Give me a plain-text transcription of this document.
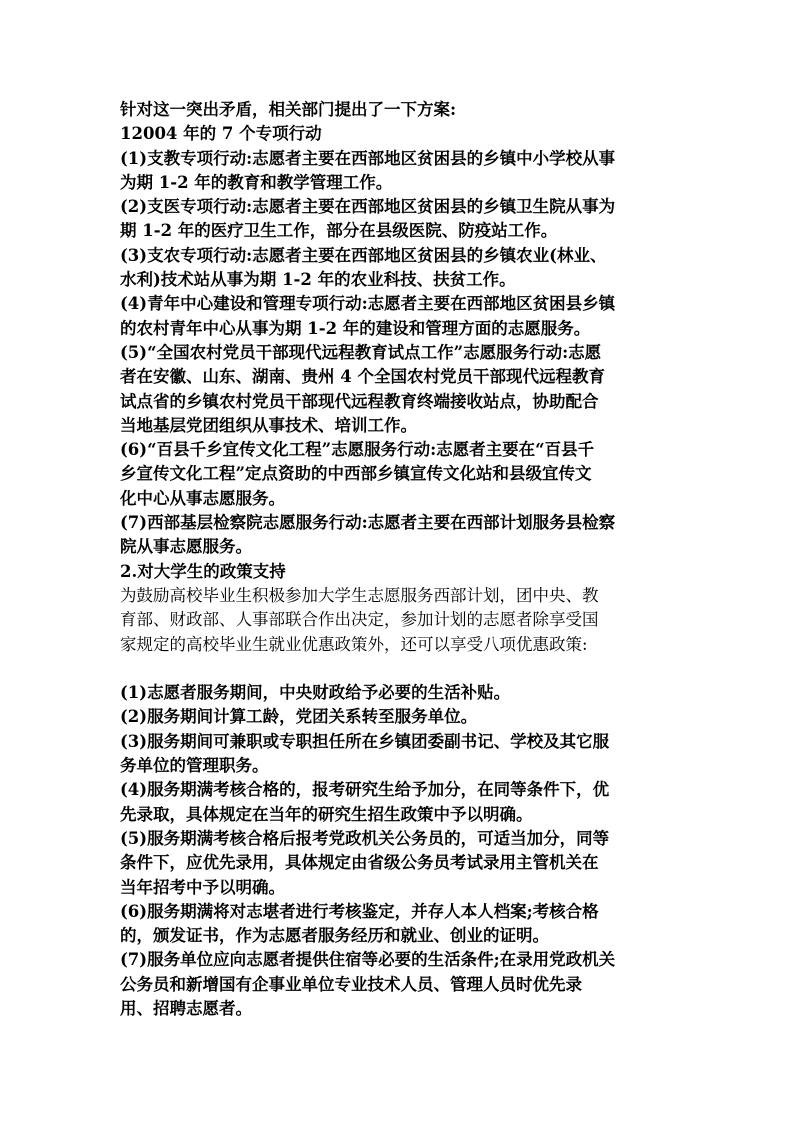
针对这一突出矛盾，相关部门提出了一下方案:
12004 年的 7 个专项行动
(1)支教专项行动:志愿者主要在西部地区贫困县的乡镇中小学校从事
为期 1-2 年的教育和教学管理工作。
(2)支医专项行动:志愿者主要在西部地区贫困县的乡镇卫生院从事为
期 1-2 年的医疗卫生工作，部分在县级医院、防疫站工作。
(3)支农专项行动:志愿者主要在西部地区贫困县的乡镇农业(林业、
水利)技术站从事为期 1-2 年的农业科技、扶贫工作。
(4)青年中心建设和管理专项行动:志愿者主要在西部地区贫困县乡镇
的农村青年中心从事为期 1-2 年的建设和管理方面的志愿服务。
(5)“全国农村党员干部现代远程教育试点工作”志愿服务行动:志愿
者在安徽、山东、湖南、贵州 4 个全国农村党员干部现代远程教育
试点省的乡镇农村党员干部现代远程教育终端接收站点，协助配合
当地基层党团组织从事技术、培训工作。
(6)“百县千乡宜传文化工程”志愿服务行动:志愿者主要在“百县千
乡宣传文化工程”定点资助的中西部乡镇宣传文化站和县级宜传文
化中心从事志愿服务。
(7)西部基层检察院志愿服务行动:志愿者主要在西部计划服务县检察
院从事志愿服务。
2.对大学生的政策支持
为鼓励高校毕业生积极参加大学生志愿服务西部计划，团中央、教
育部、财政部、人事部联合作出决定，参加计划的志愿者除享受国
家规定的高校毕业生就业优惠政策外，还可以享受八项优惠政策:
(1)志愿者服务期间，中央财政给予必要的生活补贴。
(2)服务期间计算工龄，党团关系转至服务单位。
(3)服务期间可兼职或专职担任所在乡镇团委副书记、学校及其它服
务单位的管理职务。
(4)服务期满考核合格的，报考研究生给予加分，在同等条件下，优
先录取，具体规定在当年的研究生招生政策中予以明确。
(5)服务期满考核合格后报考党政机关公务员的，可适当加分，同等
条件下，应优先录用，具体规定由省级公务员考试录用主管机关在
当年招考中予以明确。
(6)服务期满将对志堪者进行考核鉴定，并存人本人档案;考核合格
的，颁发证书，作为志愿者服务经历和就业、创业的证明。
(7)服务单位应向志愿者提供住宿等必要的生活条件;在录用党政机关
公务员和新增国有企事业单位专业技术人员、管理人员时优先录
用、招聘志愿者。
